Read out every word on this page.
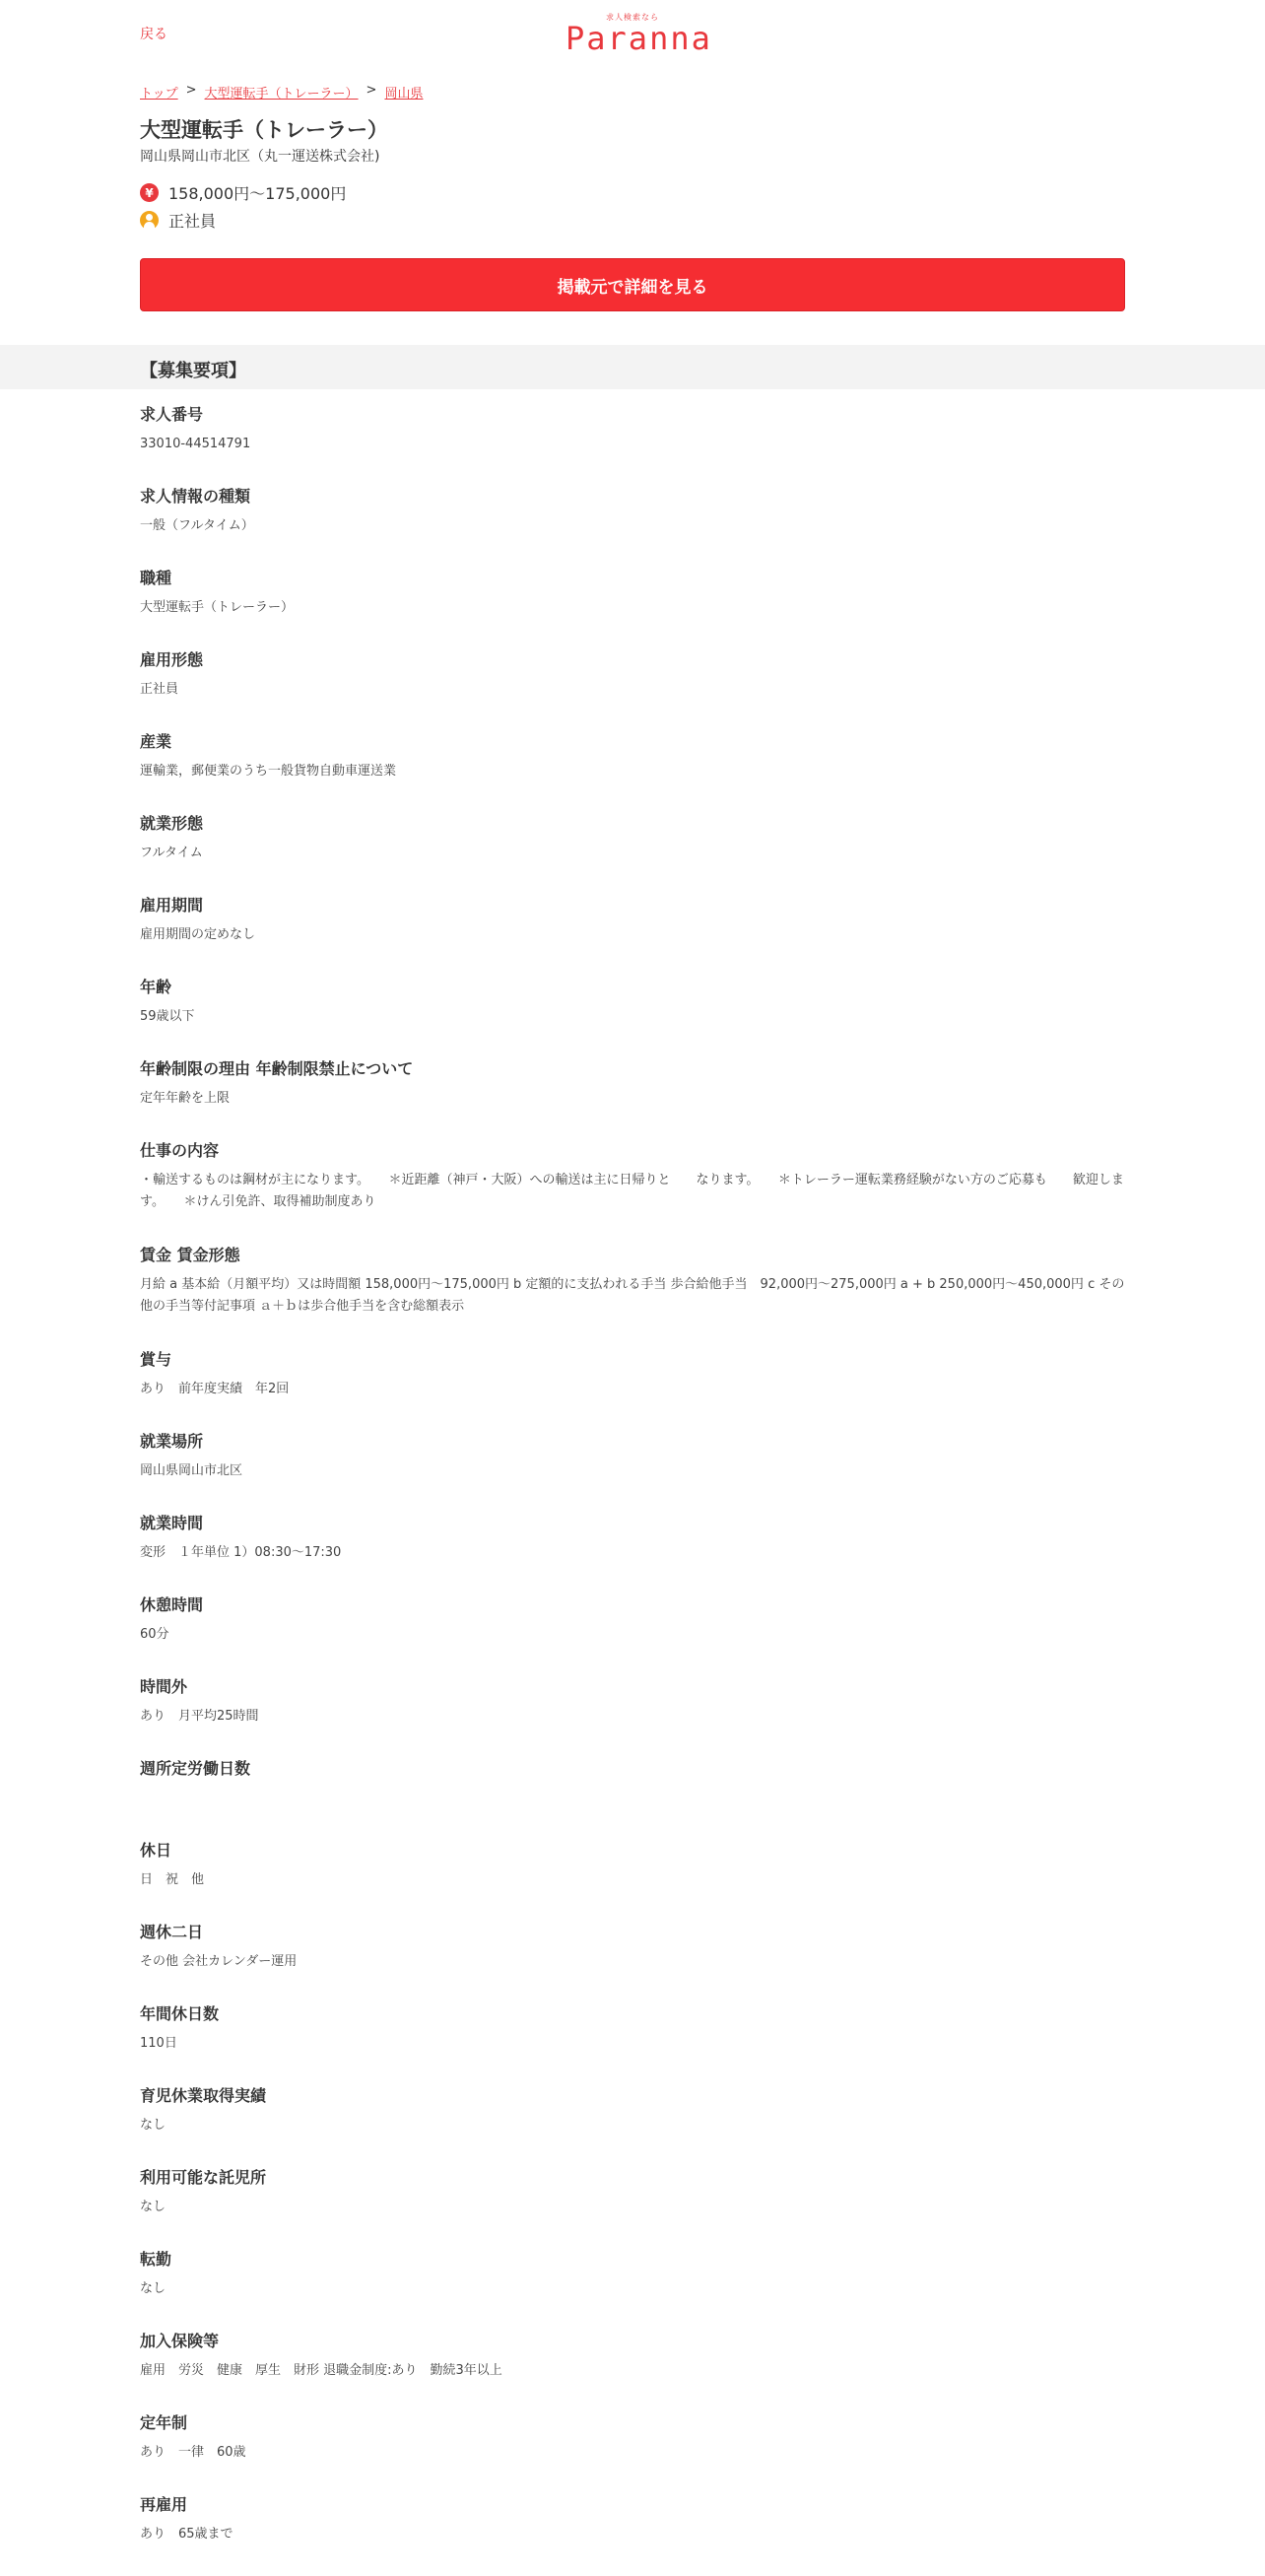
戻る
求人検索なら
Paranna
トップ > 大型運転手（トレーラー） > 岡山県
大型運転手（トレーラー）
岡山県岡山市北区（丸一運送株式会社)
¥ 158,000円～175,000円
正社員
掲載元で詳細を見る
【募集要項】
求人番号
33010-44514791
求人情報の種類
一般（フルタイム）
職種
大型運転手（トレーラー）
雇用形態
正社員
産業
運輸業，郵便業のうち一般貨物自動車運送業
就業形態
フルタイム
雇用期間
雇用期間の定めなし
年齢
59歳以下
年齢制限の理由 年齢制限禁止について
定年年齢を上限
仕事の内容
・輸送するものは鋼材が主になります。　　＊近距離（神戸・大阪）への輸送は主に日帰りと　　なります。　　＊トレーラー運転業務経験がない方のご応募も　　歓迎します。　　＊けん引免許、取得補助制度あり
賃金 賃金形態
月給 a 基本給（月額平均）又は時間額 158,000円～175,000円 b 定額的に支払われる手当 歩合給他手当　92,000円～275,000円 a + b 250,000円～450,000円 c その他の手当等付記事項 ａ＋ｂは歩合他手当を含む総額表示
賞与
あり　前年度実績　年2回
就業場所
岡山県岡山市北区
就業時間
変形　１年単位 1）08:30～17:30
休憩時間
60分
時間外
あり　月平均25時間
週所定労働日数
休日
日　祝　他
週休二日
その他 会社カレンダー運用
年間休日数
110日
育児休業取得実績
なし
利用可能な託児所
なし
転勤
なし
加入保険等
雇用　労災　健康　厚生　財形 退職金制度:あり　勤続3年以上
定年制
あり　一律　60歳
再雇用
あり　65歳まで
